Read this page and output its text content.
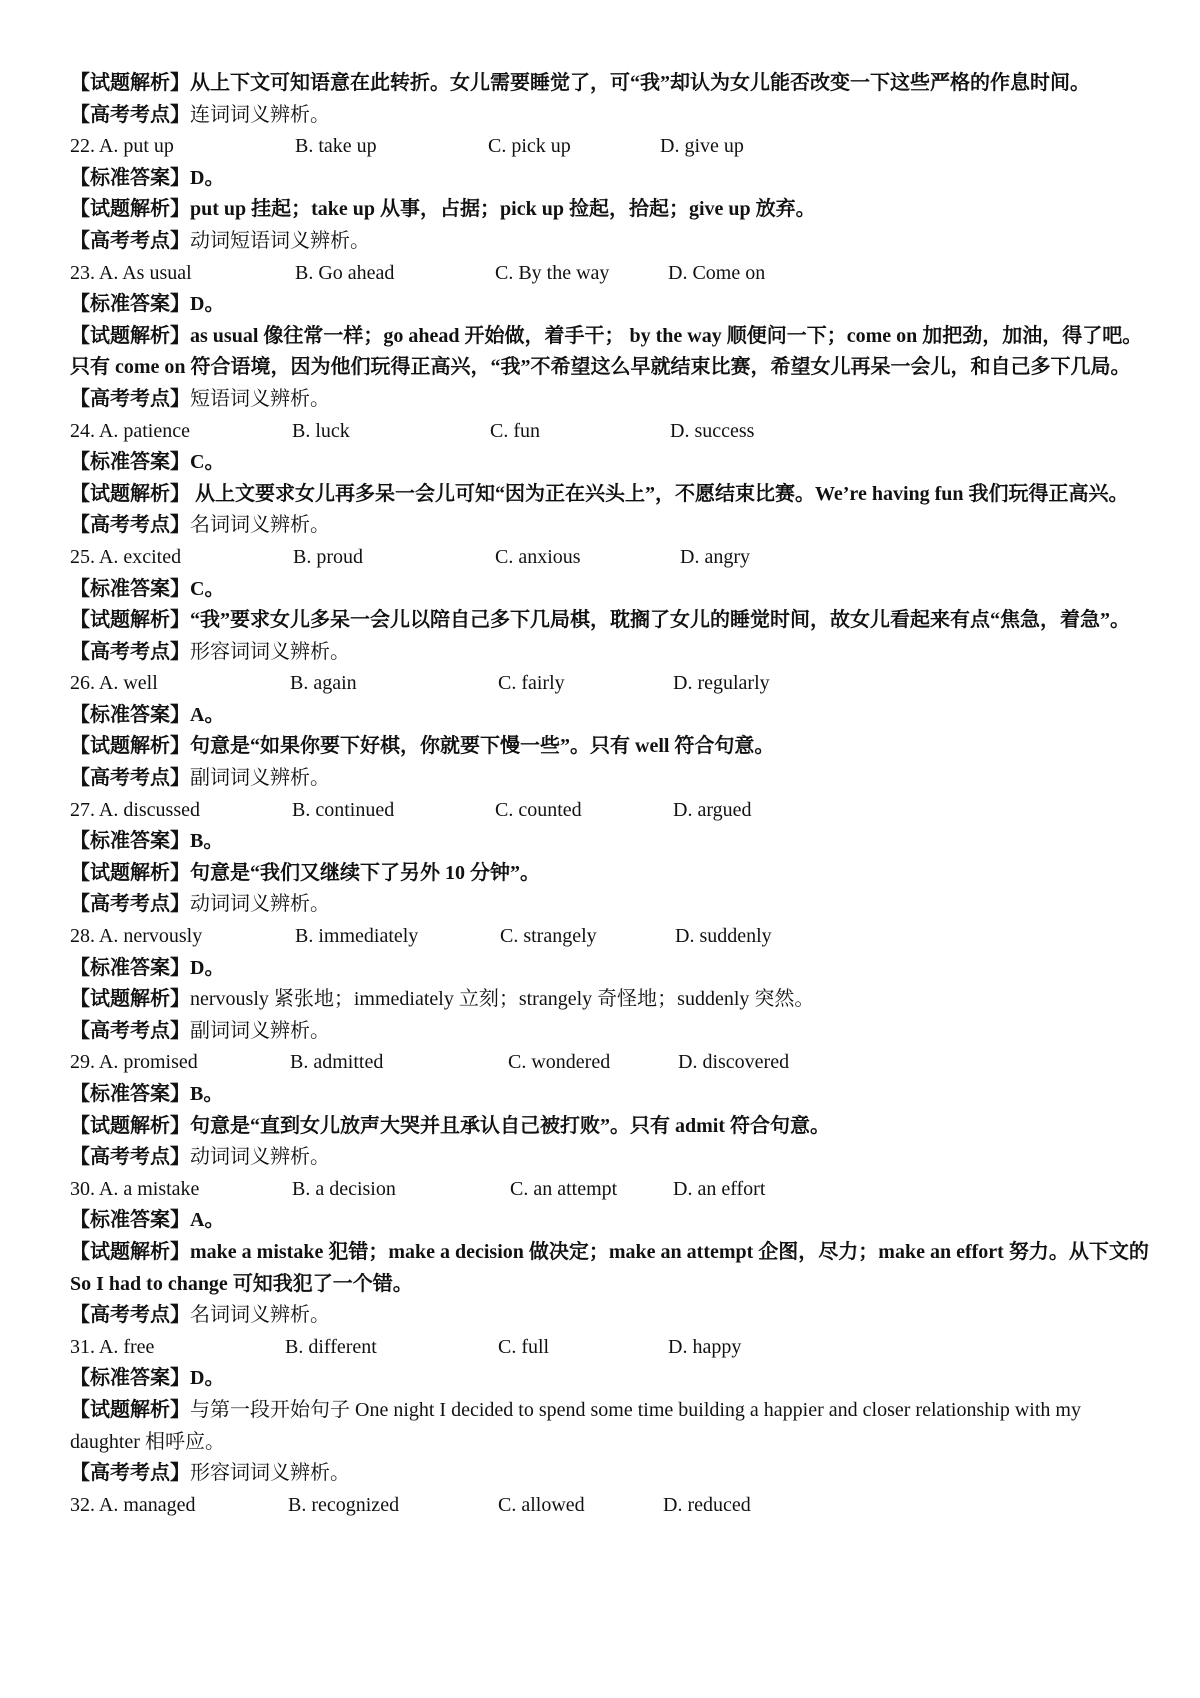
【试题解析】从上下文可知语意在此转折。女儿需要睡觉了，可“我”却认为女儿能否改变一下这些严格的作息时间。
【高考考点】连词词义辨析。
22. A. put up	B. take up	C. pick up	D. give up
【标准答案】D。
【试题解析】put up 挂起；take up 从事，占据；pick up 捡起，拾起；give up 放弃。
【高考考点】动词短语词义辨析。
23. A. As usual	B. Go ahead	C. By the way	D. Come on
【标准答案】D。
【试题解析】as usual 像往常一样；go ahead 开始做，着手干； by the way 顺便问一下；come on 加把劲，加油，得了吧。只有 come on 符合语境，因为他们玩得正高兴，“我”不希望这么早就结束比赛，希望女儿再呆一会儿，和自己多下几局。
【高考考点】短语词义辨析。
24. A. patience	B. luck	C. fun	D. success
【标准答案】C。
【试题解析】 从上文要求女儿再多呆一会儿可知“因为正在兴头上”，不愿结束比赛。We’re having fun 我们玩得正高兴。
【高考考点】名词词义辨析。
25. A. excited	B. proud	C. anxious	D. angry
【标准答案】C。
【试题解析】“我”要求女儿多呆一会儿以陪自己多下几局棋，耽搁了女儿的睡觉时间，故女儿看起来有点“焦急，着急”。
【高考考点】形容词词义辨析。
26. A. well	B. again	C. fairly	D. regularly
【标准答案】A。
【试题解析】句意是“如果你要下好棋，你就要下慢一些”。只有 well 符合句意。
【高考考点】副词词义辨析。
27. A. discussed	B. continued	C. counted	D. argued
【标准答案】B。
【试题解析】句意是“我们又继续下了另外 10 分钟”。
【高考考点】动词词义辨析。
28. A. nervously	B. immediately	C. strangely	D. suddenly
【标准答案】D。
【试题解析】nervously 紧张地；immediately 立刻；strangely 奇怪地；suddenly 突然。
【高考考点】副词词义辨析。
29. A. promised	B. admitted	C. wondered	D. discovered
【标准答案】B。
【试题解析】句意是“直到女儿放声大哭并且承认自己被打败”。只有 admit 符合句意。
【高考考点】动词词义辨析。
30. A. a mistake	B. a decision	C. an attempt	D. an effort
【标准答案】A。
【试题解析】make a mistake 犯错；make a decision 做决定；make an attempt 企图，尽力；make an effort 努力。从下文的 So I had to change 可知我犯了一个错。
【高考考点】名词词义辨析。
31. A. free	B. different	C. full	D. happy
【标准答案】D。
【试题解析】与第一段开始句子 One night I decided to spend some time building a happier and closer relationship with my daughter 相呼应。
【高考考点】形容词词义辨析。
32. A. managed	B. recognized	C. allowed	D. reduced
